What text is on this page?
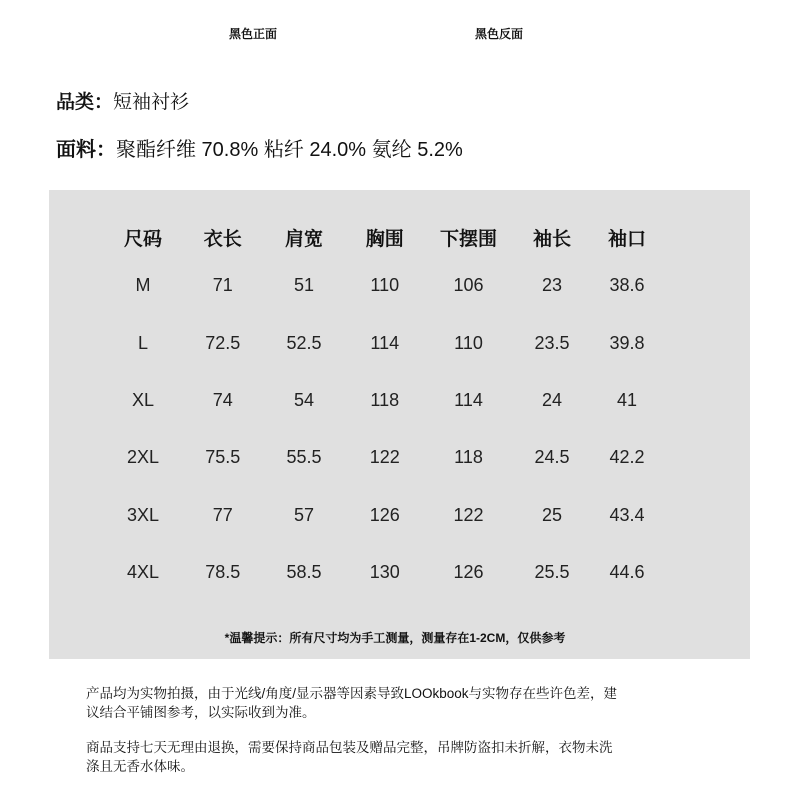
黑色正面	黑色反面
品类：短袖衬衫
面料：聚酯纤维 70.8% 粘纤 24.0% 氨纶 5.2%
尺码	衣长	肩宽	胸围	下摆围	袖长	袖口
M	71	51	110	106	23	38.6
L	72.5	52.5	114	110	23.5	39.8
XL	74	54	118	114	24	41
2XL	75.5	55.5	122	118	24.5	42.2
3XL	77	57	126	122	25	43.4
4XL	78.5	58.5	130	126	25.5	44.6
*温馨提示：所有尺寸均为手工测量，测量存在1-2CM，仅供参考
产品均为实物拍摄，由于光线/角度/显示器等因素导致LOOkbook与实物存在些许色差，建
议结合平铺图参考，以实际收到为准。
商品支持七天无理由退换，需要保持商品包装及赠品完整，吊牌防盗扣未折解，衣物未洗
涤且无香水体味。
